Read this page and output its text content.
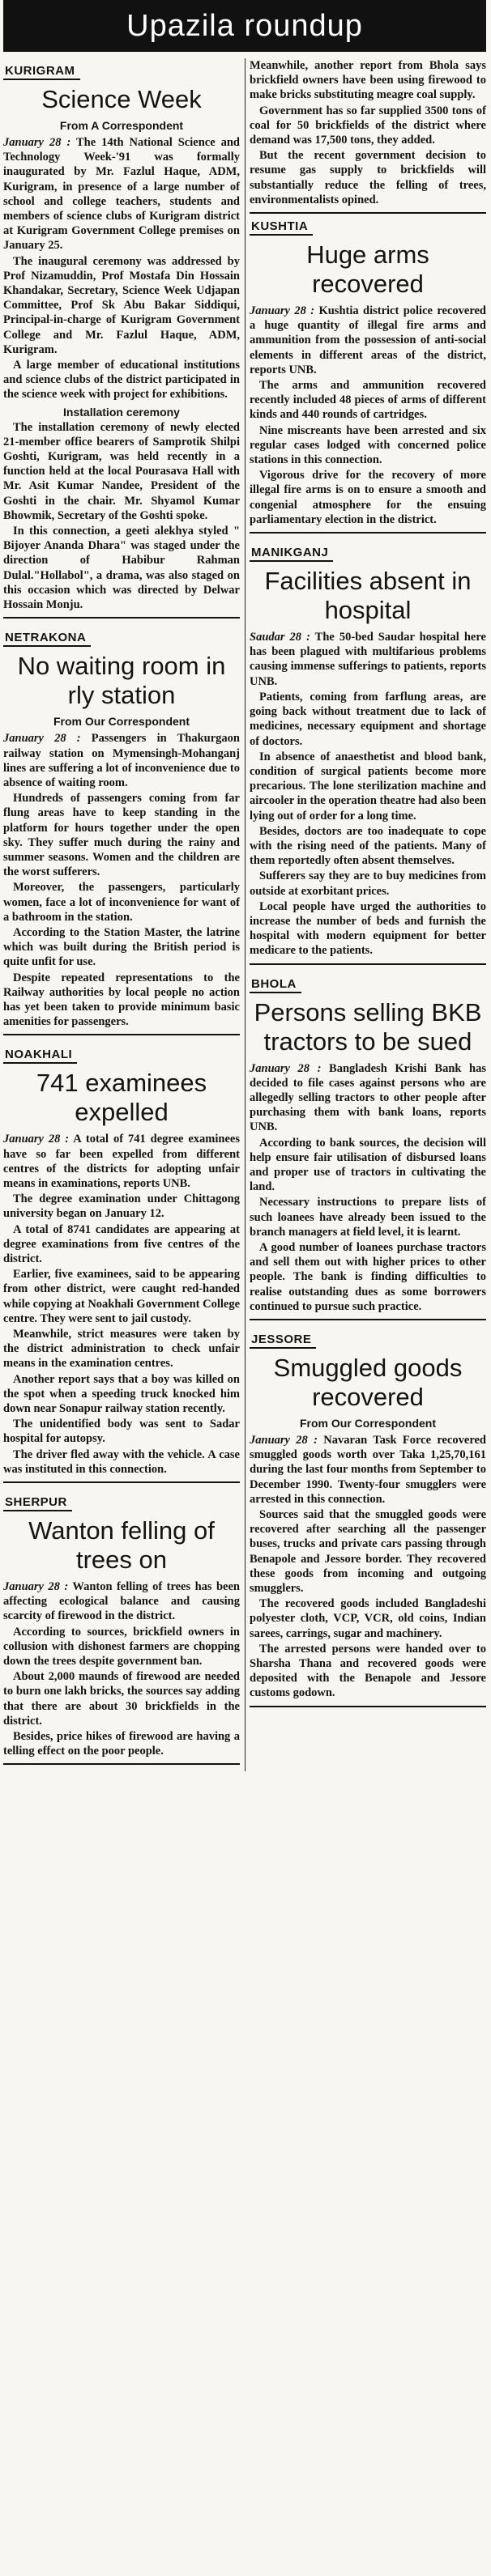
Upazila roundup
KURIGRAM
Science Week
From A Correspondent

January 28 : The 14th National Science and Technology Week-'91 was formally inaugurated by Mr. Fazlul Haque, ADM, Kurigram, in presence of a large number of school and college teachers, students and members of science clubs of Kurigram district at Kurigram Government College premises on January 25.

The inaugural ceremony was addressed by Prof Nizamuddin, Prof Mostafa Din Hossain Khandakar, Secretary, Science Week Udjapan Committee, Prof Sk Abu Bakar Siddiqui, Principal-in-charge of Kurigram Government College and Mr. Fazlul Haque, ADM, Kurigram.

A large member of educational institutions and science clubs of the district participated in the science week with project for exhibitions.

Installation ceremony

The installation ceremony of newly elected 21-member office bearers of Samprotik Shilpi Goshti, Kurigram, was held recently in a function held at the local Pourasava Hall with Mr. Asit Kumar Nandee, President of the Goshti in the chair. Mr. Shyamol Kumar Bhowmik, Secretary of the Goshti spoke.

In this connection, a geeti alekhya styled " Bijoyer Ananda Dhara" was staged under the direction of Habibur Rahman Dulal."Hollabol", a drama, was also staged on this occasion which was directed by Delwar Hossain Monju.

NETRAKONA
No waiting room in rly station
From Our Correspondent

January 28 : Passengers in Thakurgaon railway station on Mymensingh-Mohanganj lines are suffering a lot of inconvenience due to absence of waiting room.

Hundreds of passengers coming from far flung areas have to keep standing in the platform for hours together under the open sky. They suffer much during the rainy and summer seasons. Women and the children are the worst sufferers.

Moreover, the passengers, particularly women, face a lot of inconvenience for want of a bathroom in the station.

According to the Station Master, the latrine which was built during the British period is quite unfit for use.

Despite repeated representations to the Railway authorities by local people no action has yet been taken to provide minimum basic amenities for passengers.

NOAKHALI
741 examinees expelled

January 28 : A total of 741 degree examinees have so far been expelled from different centres of the districts for adopting unfair means in examinations, reports UNB.

The degree examination under Chittagong university began on January 12.

A total of 8741 candidates are appearing at degree examinations from five centres of the district.

Earlier, five examinees, said to be appearing from other district, were caught red-handed while copying at Noakhali Government College centre. They were sent to jail custody.

Meanwhile, strict measures were taken by the district administration to check unfair means in the examination centres.

Another report says that a boy was killed on the spot when a speeding truck knocked him down near Sonapur railway station recently.

The unidentified body was sent to Sadar hospital for autopsy.

The driver fled away with the vehicle. A case was instituted in this connection.

SHERPUR
Wanton felling of trees on

January 28 : Wanton felling of trees has been affecting ecological balance and causing scarcity of firewood in the district.

According to sources, brickfield owners in collusion with dishonest farmers are chopping down the trees despite government ban.

About 2,000 maunds of firewood are needed to burn one lakh bricks, the sources say adding that there are about 30 brickfields in the district.

Besides, price hikes of firewood are having a telling effect on the poor people.

Meanwhile, another report from Bhola says brickfield owners have been using firewood to make bricks substituting meagre coal supply.

Government has so far supplied 3500 tons of coal for 50 brickfields of the district where demand was 17,500 tons, they added.

But the recent government decision to resume gas supply to brickfields will substantially reduce the felling of trees, environmentalists opined.

KUSHTIA
Huge arms recovered

January 28 : Kushtia district police recovered a huge quantity of illegal fire arms and ammunition from the possession of anti-social elements in different areas of the district, reports UNB.

The arms and ammunition recovered recently included 48 pieces of arms of different kinds and 440 rounds of cartridges.

Nine miscreants have been arrested and six regular cases lodged with concerned police stations in this connection.

Vigorous drive for the recovery of more illegal fire arms is on to ensure a smooth and congenial atmosphere for the ensuing parliamentary election in the district.

MANIKGANJ
Facilities absent in hospital

Saudar 28 : The 50-bed Saudar hospital here has been plagued with multifarious problems causing immense sufferings to patients, reports UNB.

Patients, coming from farflung areas, are going back without treatment due to lack of medicines, necessary equipment and shortage of doctors.

In absence of anaesthetist and blood bank, condition of surgical patients become more precarious. The lone sterilization machine and aircooler in the operation theatre had also been lying out of order for a long time.

Besides, doctors are too inadequate to cope with the rising need of the patients. Many of them reportedly often absent themselves.

Sufferers say they are to buy medicines from outside at exorbitant prices.

Local people have urged the authorities to increase the number of beds and furnish the hospital with modern equipment for better medicare to the patients.

BHOLA
Persons selling BKB tractors to be sued

January 28 : Bangladesh Krishi Bank has decided to file cases against persons who are allegedly selling tractors to other people after purchasing them with bank loans, reports UNB.

According to bank sources, the decision will help ensure fair utilisation of disbursed loans and proper use of tractors in cultivating the land.

Necessary instructions to prepare lists of such loanees have already been issued to the branch managers at field level, it is learnt.

A good number of loanees purchase tractors and sell them out with higher prices to other people. The bank is finding difficulties to realise outstanding dues as some borrowers continued to pursue such practice.

JESSORE
Smuggled goods recovered
From Our Correspondent

January 28 : Navaran Task Force recovered smuggled goods worth over Taka 1,25,70,161 during the last four months from September to December 1990. Twenty-four smugglers were arrested in this connection.

Sources said that the smuggled goods were recovered after searching all the passenger buses, trucks and private cars passing through Benapole and Jessore border. They recovered these goods from incoming and outgoing smugglers.

The recovered goods included Bangladeshi polyester cloth, VCP, VCR, old coins, Indian sarees, carrings, sugar and machinery.

The arrested persons were handed over to Sharsha Thana and recovered goods were deposited with the Benapole and Jessore customs godown.
